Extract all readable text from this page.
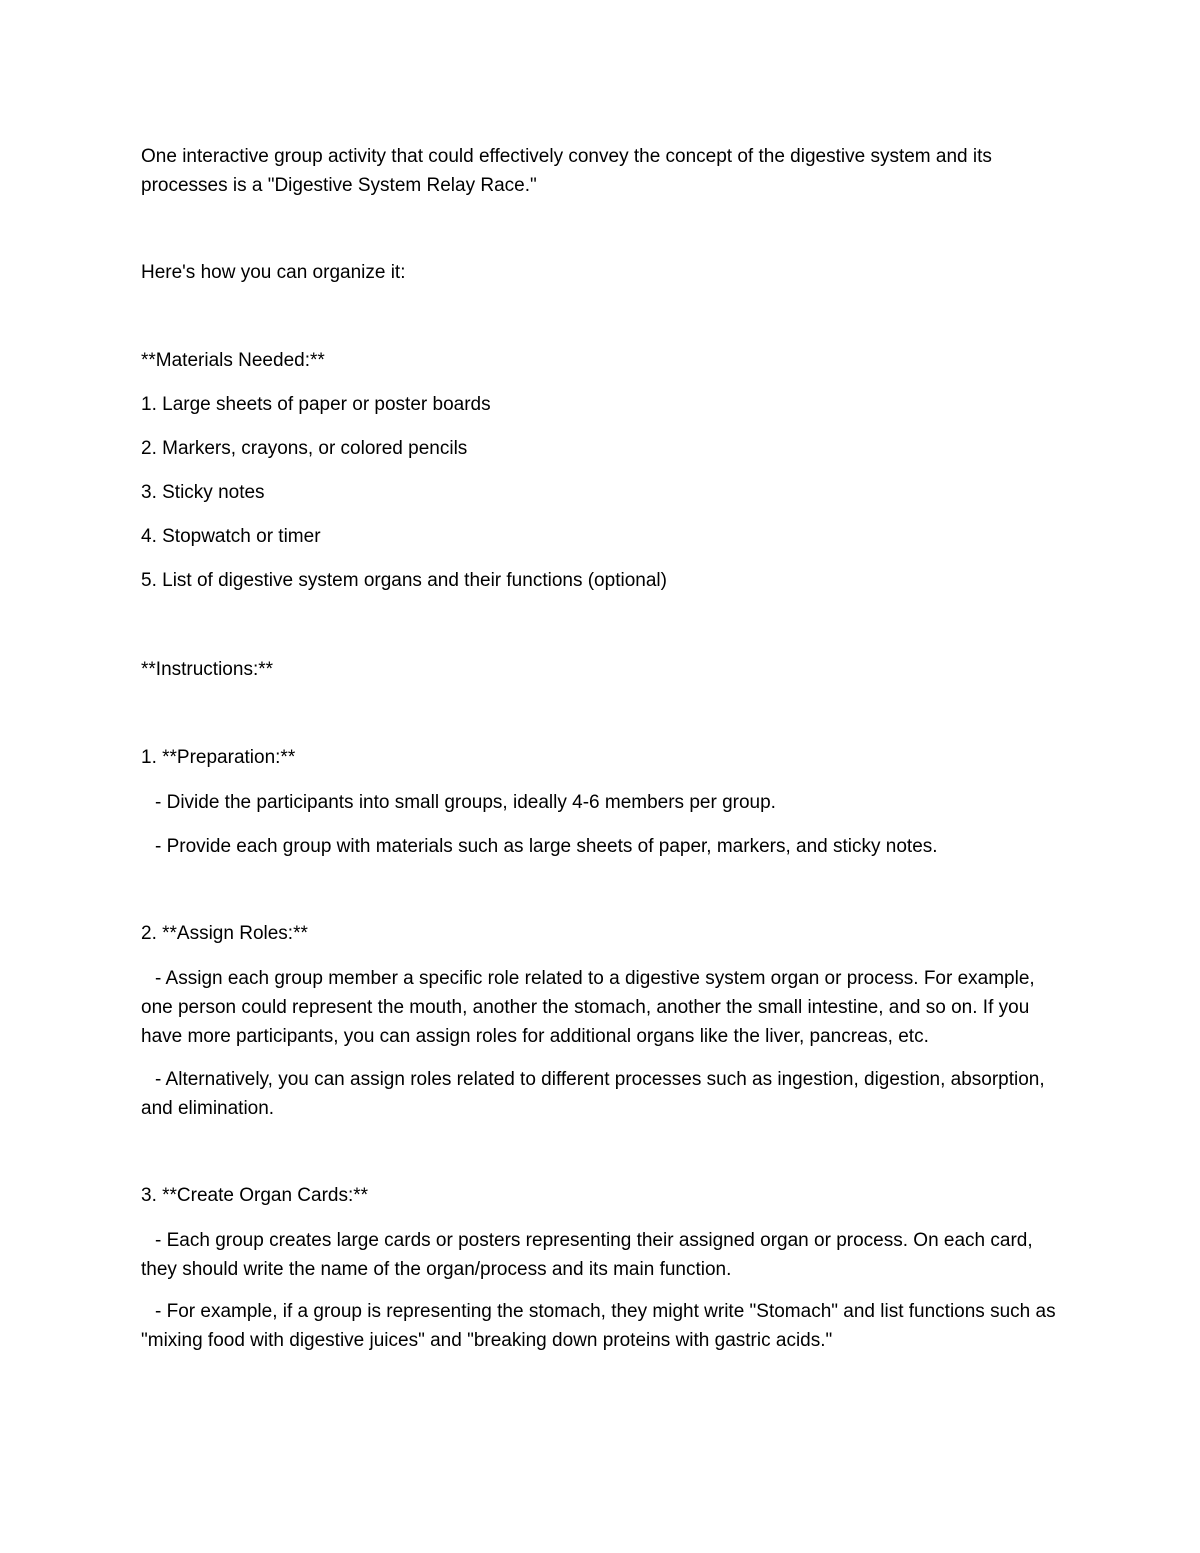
One interactive group activity that could effectively convey the concept of the digestive system and its processes is a "Digestive System Relay Race."
Here's how you can organize it:
**Materials Needed:**
1. Large sheets of paper or poster boards
2. Markers, crayons, or colored pencils
3. Sticky notes
4. Stopwatch or timer
5. List of digestive system organs and their functions (optional)
**Instructions:**
1. **Preparation:**
- Divide the participants into small groups, ideally 4-6 members per group.
- Provide each group with materials such as large sheets of paper, markers, and sticky notes.
2. **Assign Roles:**
- Assign each group member a specific role related to a digestive system organ or process. For example, one person could represent the mouth, another the stomach, another the small intestine, and so on. If you have more participants, you can assign roles for additional organs like the liver, pancreas, etc.
- Alternatively, you can assign roles related to different processes such as ingestion, digestion, absorption, and elimination.
3. **Create Organ Cards:**
- Each group creates large cards or posters representing their assigned organ or process. On each card, they should write the name of the organ/process and its main function.
- For example, if a group is representing the stomach, they might write "Stomach" and list functions such as "mixing food with digestive juices" and "breaking down proteins with gastric acids."
